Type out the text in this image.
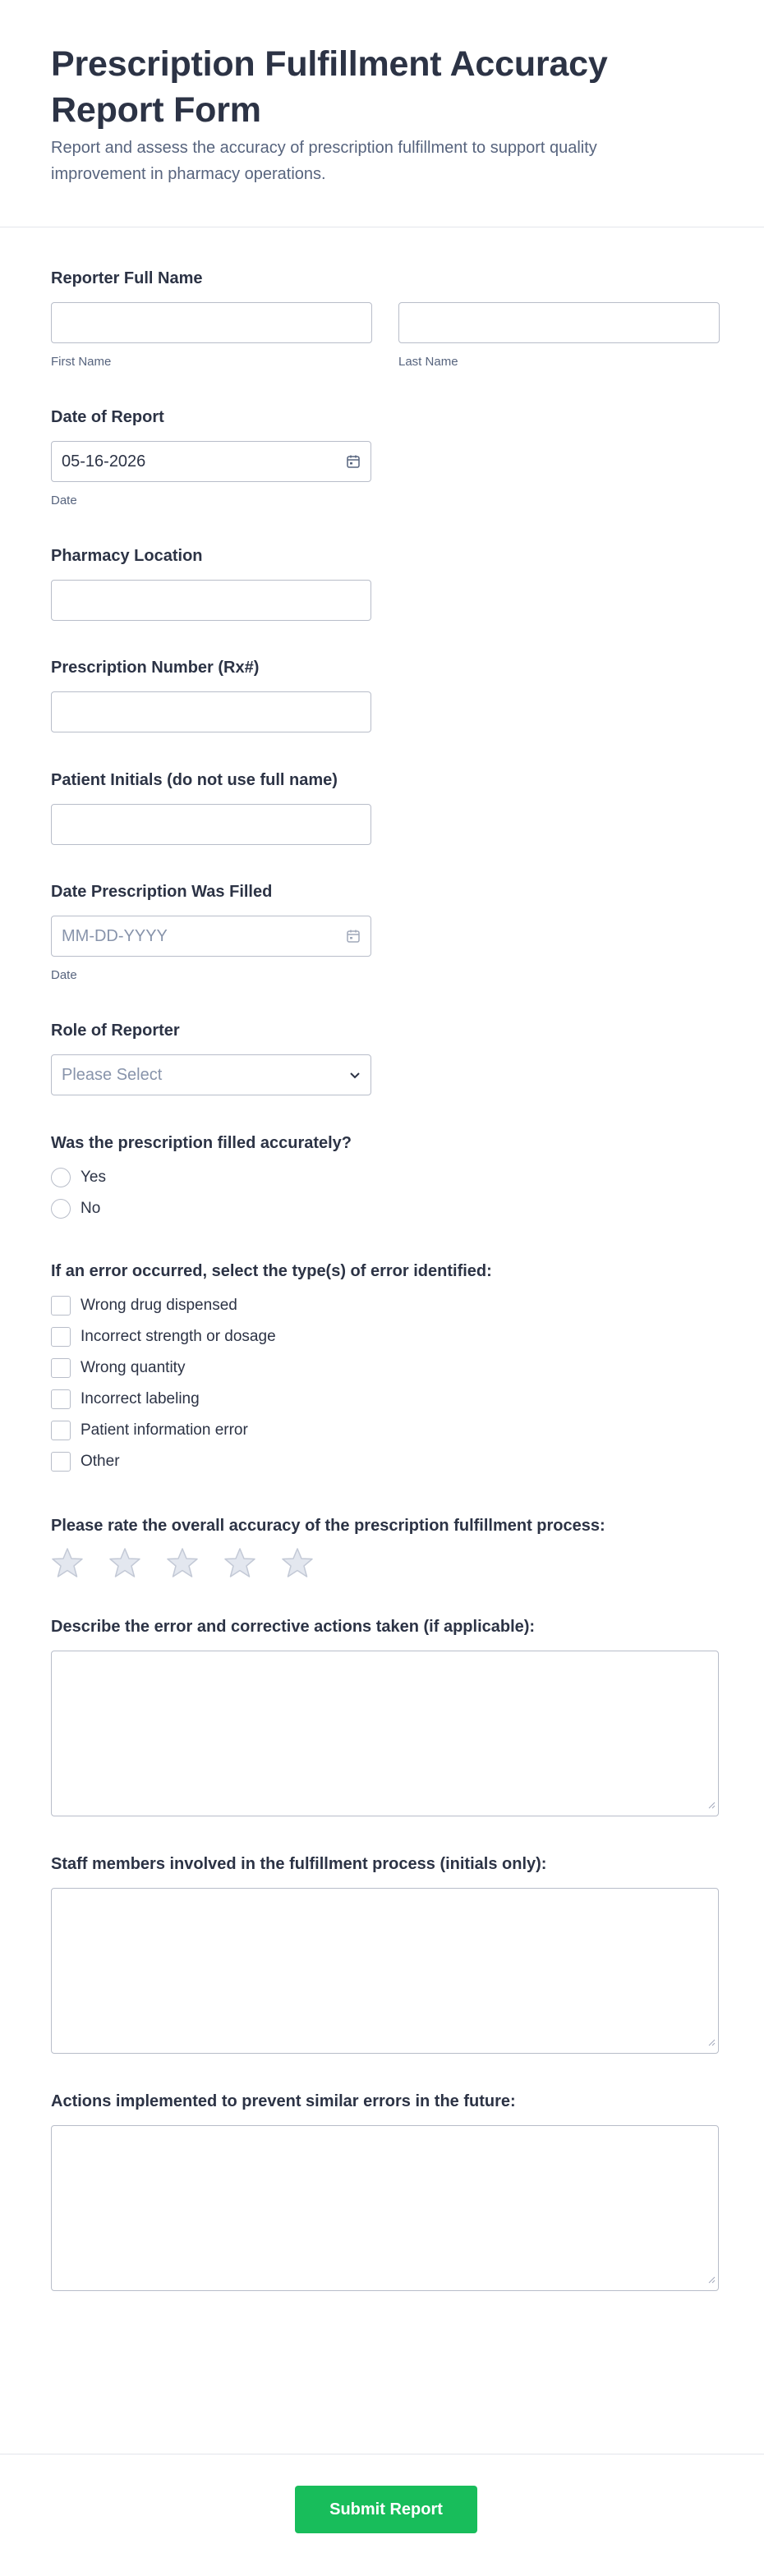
Prescription Fulfillment Accuracy Report Form

Report and assess the accuracy of prescription fulfillment to support quality improvement in pharmacy operations.

Reporter Full Name
First Name	Last Name
Date of Report
05-16-2026
Date
Pharmacy Location
Prescription Number (Rx#)
Patient Initials (do not use full name)
Date Prescription Was Filled
MM-DD-YYYY
Date
Role of Reporter
Please Select
Was the prescription filled accurately?
Yes
No
If an error occurred, select the type(s) of error identified:
Wrong drug dispensed
Incorrect strength or dosage
Wrong quantity
Incorrect labeling
Patient information error
Other
Please rate the overall accuracy of the prescription fulfillment process:
Describe the error and corrective actions taken (if applicable):
Staff members involved in the fulfillment process (initials only):
Actions implemented to prevent similar errors in the future:
Submit Report
